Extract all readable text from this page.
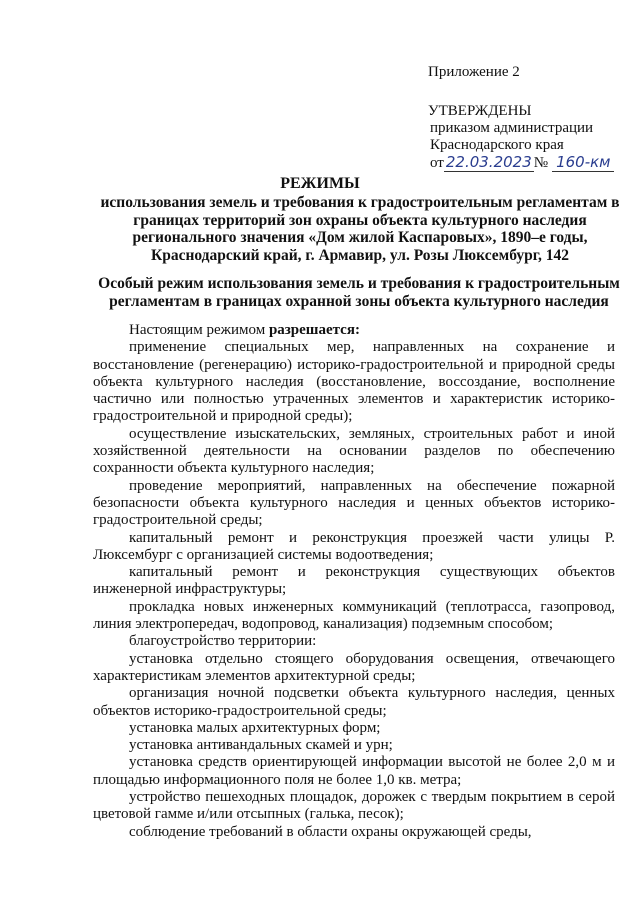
Приложение 2
УТВЕРЖДЕНЫ
приказом администрации
Краснодарского края
от 22.03.2023 № 160-км
РЕЖИМЫ
использования земель и требования к градостроительным регламентам в границах территорий зон охраны объекта культурного наследия регионального значения «Дом жилой Каспаровых», 1890–е годы, Краснодарский край, г. Армавир, ул. Розы Люксембург, 142
Особый режим использования земель и требования к градостроительным регламентам в границах охранной зоны объекта культурного наследия

Настоящим режимом разрешается:

применение специальных мер, направленных на сохранение и восстановление (регенерацию) историко-градостроительной и природной среды объекта культурного наследия (восстановление, воссоздание, восполнение частично или полностью утраченных элементов и характеристик историко-градостроительной и природной среды);

осуществление изыскательских, земляных, строительных работ и иной хозяйственной деятельности на основании разделов по обеспечению сохранности объекта культурного наследия;

проведение мероприятий, направленных на обеспечение пожарной безопасности объекта культурного наследия и ценных объектов историко-градостроительной среды;

капитальный ремонт и реконструкция проезжей части улицы Р. Люксембург с организацией системы водоотведения;

капитальный ремонт и реконструкция существующих объектов инженерной инфраструктуры;

прокладка новых инженерных коммуникаций (теплотрасса, газопровод, линия электропередач, водопровод, канализация) подземным способом;

благоустройство территории:

установка отдельно стоящего оборудования освещения, отвечающего характеристикам элементов архитектурной среды;

организация ночной подсветки объекта культурного наследия, ценных объектов историко-градостроительной среды;

установка малых архитектурных форм;

установка антивандальных скамей и урн;

установка средств ориентирующей информации высотой не более 2,0 м и площадью информационного поля не более 1,0 кв. метра;

устройство пешеходных площадок, дорожек с твердым покрытием в серой цветовой гамме и/или отсыпных (галька, песок);

соблюдение требований в области охраны окружающей среды,
